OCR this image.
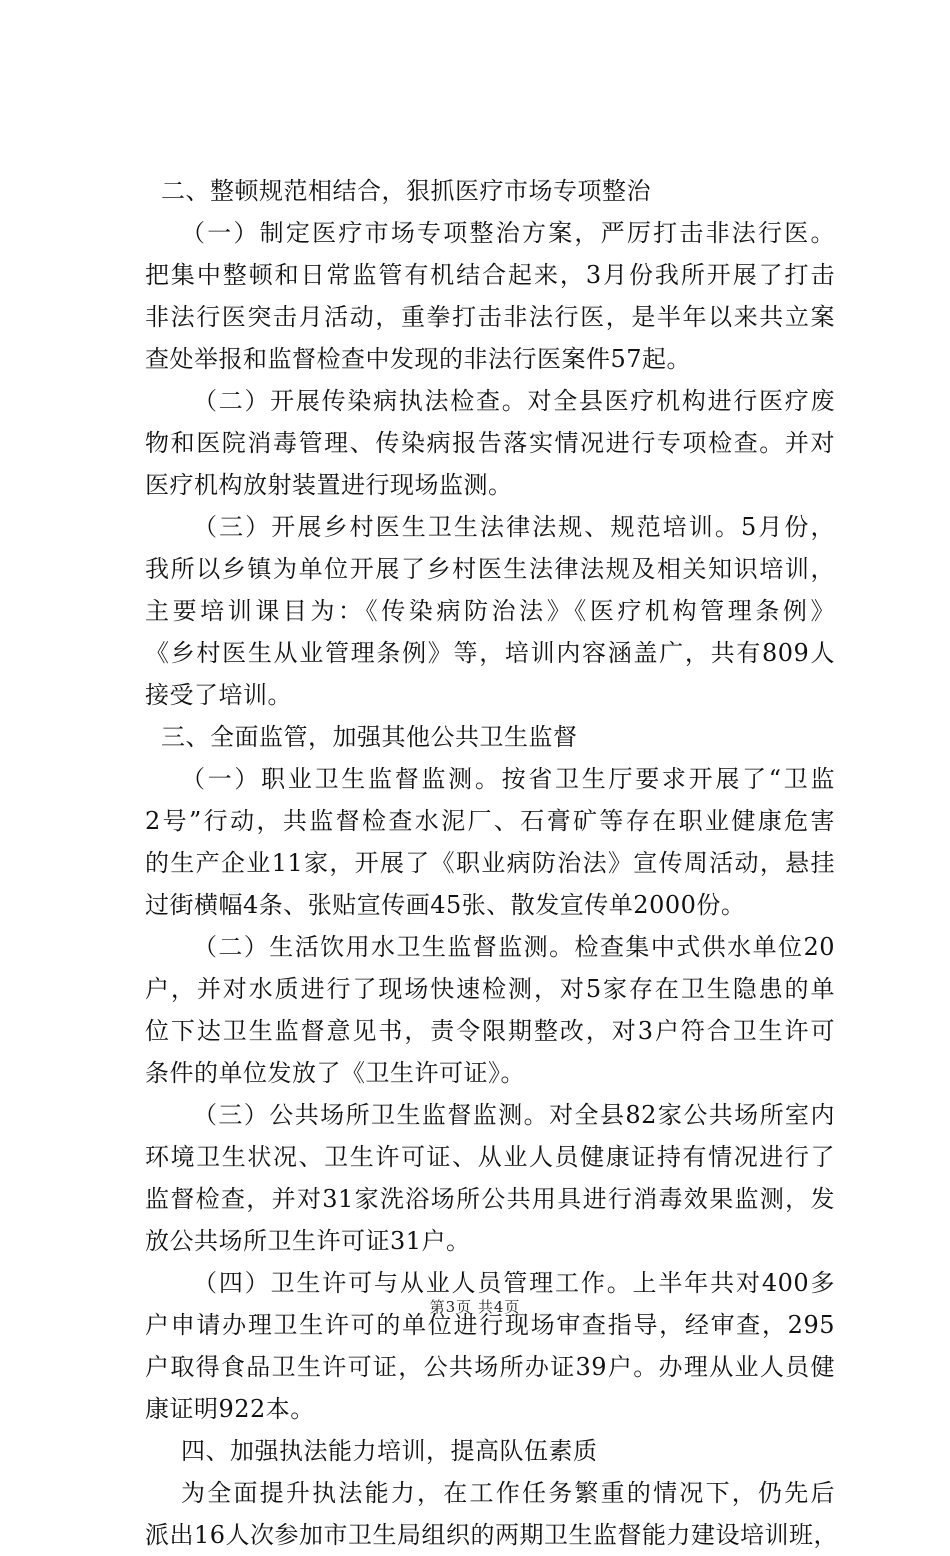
二、整顿规范相结合，狠抓医疗市场专项整治
（一）制定医疗市场专项整治方案，严厉打击非法行医。
把集中整顿和日常监管有机结合起来，3月份我所开展了打击
非法行医突击月活动，重拳打击非法行医，是半年以来共立案
查处举报和监督检查中发现的非法行医案件57起。
（二）开展传染病执法检查。对全县医疗机构进行医疗废
物和医院消毒管理、传染病报告落实情况进行专项检查。并对
医疗机构放射装置进行现场监测。
（三）开展乡村医生卫生法律法规、规范培训。5月份，
我所以乡镇为单位开展了乡村医生法律法规及相关知识培训，
主要培训课目为：《传染病防治法》《医疗机构管理条例》
《乡村医生从业管理条例》等，培训内容涵盖广，共有809人
接受了培训。
三、全面监管，加强其他公共卫生监督
（一）职业卫生监督监测。按省卫生厅要求开展了“卫监
2号”行动，共监督检查水泥厂、石膏矿等存在职业健康危害
的生产企业11家，开展了《职业病防治法》宣传周活动，悬挂
过街横幅4条、张贴宣传画45张、散发宣传单2000份。
（二）生活饮用水卫生监督监测。检查集中式供水单位20
户，并对水质进行了现场快速检测，对5家存在卫生隐患的单
位下达卫生监督意见书，责令限期整改，对3户符合卫生许可
条件的单位发放了《卫生许可证》。
（三）公共场所卫生监督监测。对全县82家公共场所室内
环境卫生状况、卫生许可证、从业人员健康证持有情况进行了
监督检查，并对31家洗浴场所公共用具进行消毒效果监测，发
放公共场所卫生许可证31户。
（四）卫生许可与从业人员管理工作。上半年共对400多
户申请办理卫生许可的单位进行现场审查指导，经审查，295
户取得食品卫生许可证，公共场所办证39户。办理从业人员健
康证明922本。
四、加强执法能力培训，提高队伍素质
为全面提升执法能力，在工作任务繁重的情况下，仍先后
派出16人次参加市卫生局组织的两期卫生监督能力建设培训班，
第3页 共4页
